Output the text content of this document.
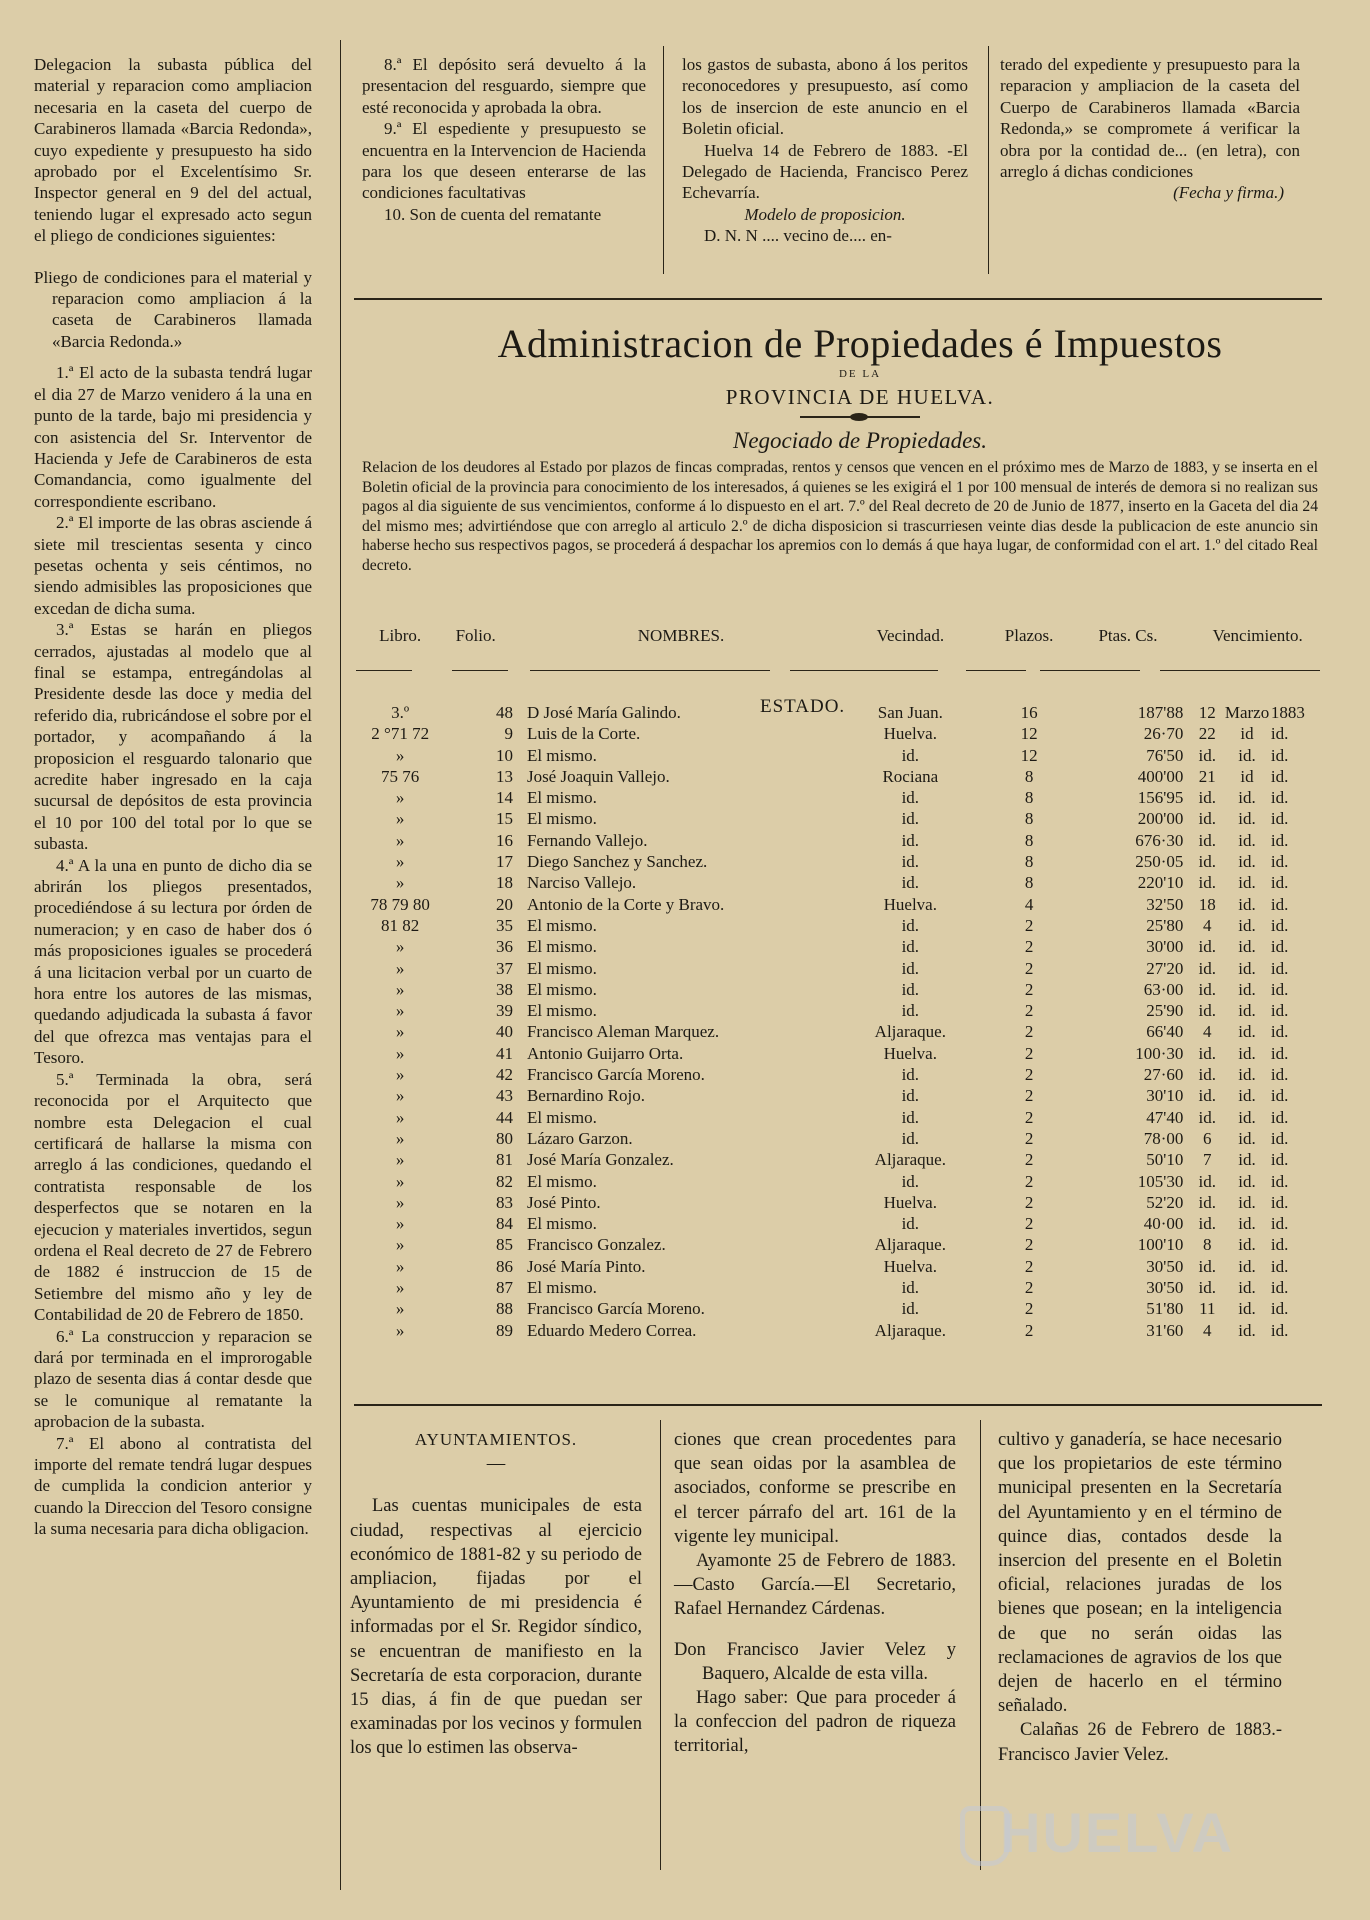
Delegacion la subasta pública del material y reparacion como ampliacion necesaria en la caseta del cuerpo de Carabineros llamada «Barcia Redonda», cuyo expediente y presupuesto ha sido aprobado por el Excelentísimo Sr. Inspector general en 9 del del actual, teniendo lugar el expresado acto segun el pliego de condiciones siguientes:

Pliego de condiciones para el material y reparacion como ampliacion á la caseta de Carabineros llamada «Barcia Redonda.»

1.ª El acto de la subasta tendrá lugar el dia 27 de Marzo venidero á la una en punto de la tarde, bajo mi presidencia y con asistencia del Sr. Interventor de Hacienda y Jefe de Carabineros de esta Comandancia, como igualmente del correspondiente escribano.

2.ª El importe de las obras asciende á siete mil trescientas sesenta y cinco pesetas ochenta y seis céntimos, no siendo admisibles las proposiciones que excedan de dicha suma.

3.ª Estas se harán en pliegos cerrados, ajustadas al modelo que al final se estampa, entregándolas al Presidente desde las doce y media del referido dia, rubricándose el sobre por el portador, y acompañando á la proposicion el resguardo talonario que acredite haber ingresado en la caja sucursal de depósitos de esta provincia el 10 por 100 del total por lo que se subasta.

4.ª A la una en punto de dicho dia se abrirán los pliegos presentados, procediéndose á su lectura por órden de numeracion; y en caso de haber dos ó más proposiciones iguales se procederá á una licitacion verbal por un cuarto de hora entre los autores de las mismas, quedando adjudicada la subasta á favor del que ofrezca mas ventajas para el Tesoro.

5.ª Terminada la obra, será reconocida por el Arquitecto que nombre esta Delegacion el cual certificará de hallarse la misma con arreglo á las condiciones, quedando el contratista responsable de los desperfectos que se notaren en la ejecucion y materiales invertidos, segun ordena el Real decreto de 27 de Febrero de 1882 é instruccion de 15 de Setiembre del mismo año y ley de Contabilidad de 20 de Febrero de 1850.

6.ª La construccion y reparacion se dará por terminada en el improrogable plazo de sesenta dias á contar desde que se le comunique al rematante la aprobacion de la subasta.

7.ª El abono al contratista del importe del remate tendrá lugar despues de cumplida la condicion anterior y cuando la Direccion del Tesoro consigne la suma necesaria para dicha obligacion.

8.ª El depósito será devuelto á la presentacion del resguardo, siempre que esté reconocida y aprobada la obra.

9.ª El espediente y presupuesto se encuentra en la Intervencion de Hacienda para los que deseen enterarse de las condiciones facultativas

10. Son de cuenta del rematante

los gastos de subasta, abono á los peritos reconocedores y presupuesto, así como los de insercion de este anuncio en el Boletin oficial.

Huelva 14 de Febrero de 1883. -El Delegado de Hacienda, Francisco Perez Echevarría.

Modelo de proposicion.

D. N. N .... vecino de.... en-

terado del expediente y presupuesto para la reparacion y ampliacion de la caseta del Cuerpo de Carabineros llamada «Barcia Redonda,» se compromete á verificar la obra por la contidad de... (en letra), con arreglo á dichas condiciones

(Fecha y firma.)

Administracion de Propiedades é Impuestos
DE LA
PROVINCIA DE HUELVA.
Negociado de Propiedades.
Relacion de los deudores al Estado por plazos de fincas compradas, rentos y censos que vencen en el próximo mes de Marzo de 1883, y se inserta en el Boletin oficial de la provincia para conocimiento de los interesados, á quienes se les exigirá el 1 por 100 mensual de interés de demora si no realizan sus pagos al dia siguiente de sus vencimientos, conforme á lo dispuesto en el art. 7.º del Real decreto de 20 de Junio de 1877, inserto en la Gaceta del dia 24 del mismo mes; advirtiéndose que con arreglo al articulo 2.º de dicha disposicion si trascurriesen veinte dias desde la publicacion de este anuncio sin haberse hecho sus respectivos pagos, se procederá á despachar los apremios con lo demás á que haya lugar, de conformidad con el art. 1.º del citado Real decreto.
ESTADO.
Libro.	Folio.	NOMBRES.	Vecindad.	Plazos.	Ptas. Cs.	Vencimiento.		

3.º	48	D José María Galindo.	San Juan.	16	187'88	12	Marzo	1883
2 °71 72	9	Luis de la Corte.	Huelva.	12	26·70	22	id	id.
»	10	El mismo.	id.	12	76'50	id.	id.	id.
75 76	13	José Joaquin Vallejo.	Rociana	8	400'00	21	id	id.
»	14	El mismo.	id.	8	156'95	id.	id.	id.
»	15	El mismo.	id.	8	200'00	id.	id.	id.
»	16	Fernando Vallejo.	id.	8	676·30	id.	id.	id.
»	17	Diego Sanchez y Sanchez.	id.	8	250·05	id.	id.	id.
»	18	Narciso Vallejo.	id.	8	220'10	id.	id.	id.
78 79 80	20	Antonio de la Corte y Bravo.	Huelva.	4	32'50	18	id.	id.
81 82	35	El mismo.	id.	2	25'80	4	id.	id.
»	36	El mismo.	id.	2	30'00	id.	id.	id.
»	37	El mismo.	id.	2	27'20	id.	id.	id.
»	38	El mismo.	id.	2	63·00	id.	id.	id.
»	39	El mismo.	id.	2	25'90	id.	id.	id.
»	40	Francisco Aleman Marquez.	Aljaraque.	2	66'40	4	id.	id.
»	41	Antonio Guijarro Orta.	Huelva.	2	100·30	id.	id.	id.
»	42	Francisco García Moreno.	id.	2	27·60	id.	id.	id.
»	43	Bernardino Rojo.	id.	2	30'10	id.	id.	id.
»	44	El mismo.	id.	2	47'40	id.	id.	id.
»	80	Lázaro Garzon.	id.	2	78·00	6	id.	id.
»	81	José María Gonzalez.	Aljaraque.	2	50'10	7	id.	id.
»	82	El mismo.	id.	2	105'30	id.	id.	id.
»	83	José Pinto.	Huelva.	2	52'20	id.	id.	id.
»	84	El mismo.	id.	2	40·00	id.	id.	id.
»	85	Francisco Gonzalez.	Aljaraque.	2	100'10	8	id.	id.
»	86	José María Pinto.	Huelva.	2	30'50	id.	id.	id.
»	87	El mismo.	id.	2	30'50	id.	id.	id.
»	88	Francisco García Moreno.	id.	2	51'80	11	id.	id.
»	89	Eduardo Medero Correa.	Aljaraque.	2	31'60	4	id.	id.

AYUNTAMIENTOS.

—

Las cuentas municipales de esta ciudad, respectivas al ejercicio económico de 1881-82 y su periodo de ampliacion, fijadas por el Ayuntamiento de mi presidencia é informadas por el Sr. Regidor síndico, se encuentran de manifiesto en la Secretaría de esta corporacion, durante 15 dias, á fin de que puedan ser examinadas por los vecinos y formulen los que lo estimen las observa-

ciones que crean procedentes para que sean oidas por la asamblea de asociados, conforme se prescribe en el tercer párrafo del art. 161 de la vigente ley municipal.

Ayamonte 25 de Febrero de 1883.—Casto García.—El Secretario, Rafael Hernandez Cárdenas.

Don Francisco Javier Velez y Baquero, Alcalde de esta villa.

Hago saber: Que para proceder á la confeccion del padron de riqueza territorial,

cultivo y ganadería, se hace necesario que los propietarios de este término municipal presenten en la Secretaría del Ayuntamiento y en el término de quince dias, contados desde la insercion del presente en el Boletin oficial, relaciones juradas de los bienes que posean; en la inteligencia de que no serán oidas las reclamaciones de agravios de los que dejen de hacerlo en el término señalado.

Calañas 26 de Febrero de 1883.-Francisco Javier Velez.

HUELVA
